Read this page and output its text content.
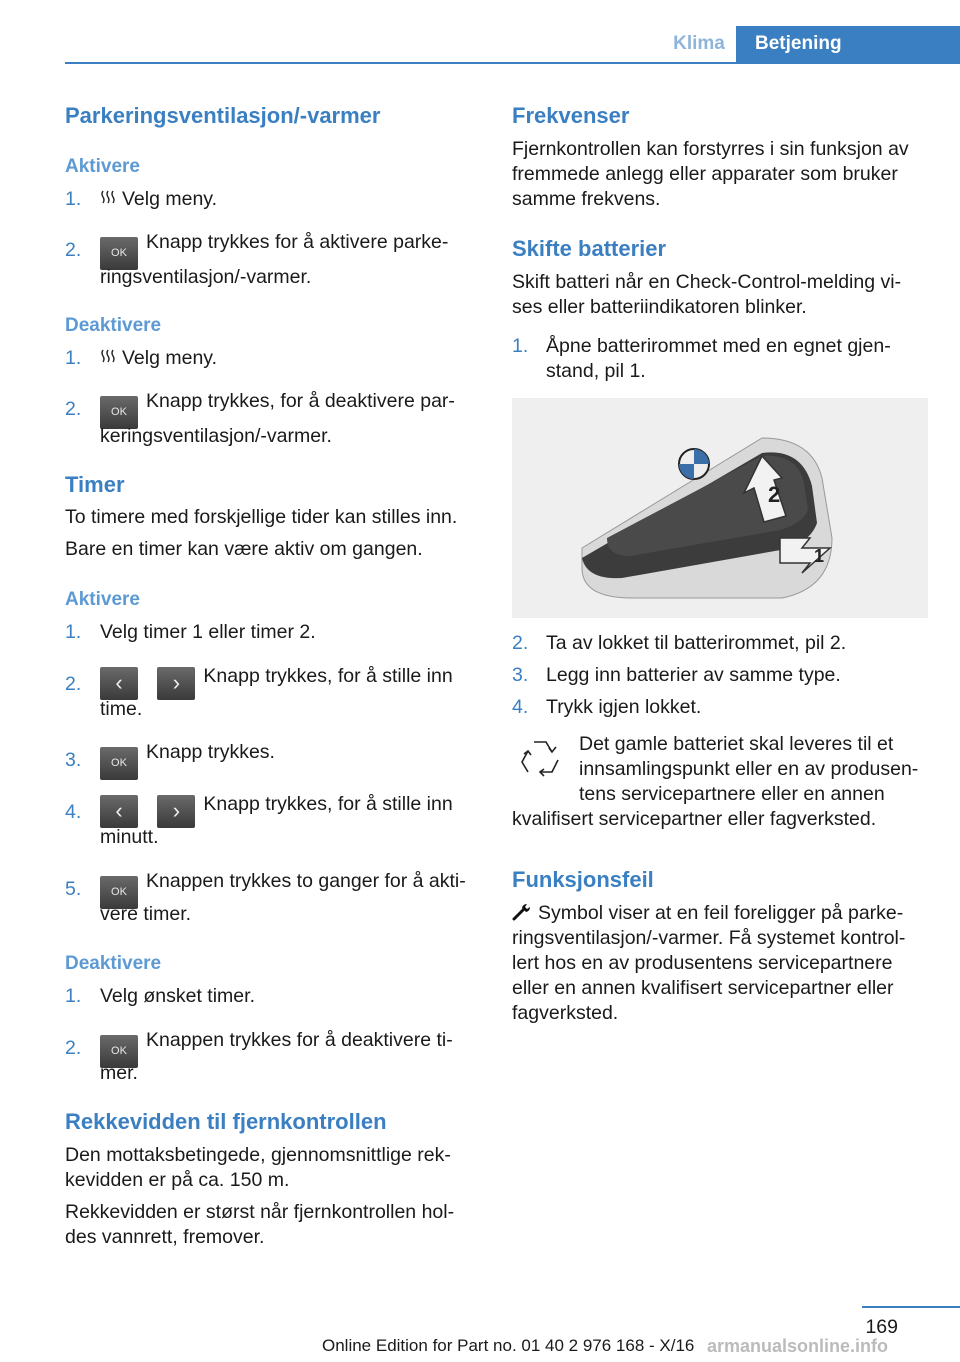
Klima	Betjening
Parkeringsventilasjon/-varmer
Aktivere
1.	Velg meny.
2.	OK Knapp trykkes for å aktivere parke-
ringsventilasjon/-varmer.
Deaktivere
1.	Velg meny.
2.	OK Knapp trykkes, for å deaktivere par-
keringsventilasjon/-varmer.
Timer
To timere med forskjellige tider kan stilles inn.
Bare en timer kan være aktiv om gangen.
Aktivere
1. Velg timer 1 eller timer 2.
2.	‹ › Knapp trykkes, for å stille inn
time.
3.	OK Knapp trykkes.
4.	‹ › Knapp trykkes, for å stille inn
minutt.
5.	OK Knappen trykkes to ganger for å akti-
vere timer.
Deaktivere
1. Velg ønsket timer.
2.	OK Knappen trykkes for å deaktivere ti-
mer.
Rekkevidden til fjernkontrollen
Den mottaksbetingede, gjennomsnittlige rek-
kevidden er på ca. 150 m.
Rekkevidden er størst når fjernkontrollen hol-
des vannrett, fremover.
Frekvenser
Fjernkontrollen kan forstyrres i sin funksjon av
fremmede anlegg eller apparater som bruker
samme frekvens.
Skifte batterier
Skift batteri når en Check-Control-melding vi-
ses eller batteriindikatoren blinker.
1. Åpne batterirommet med en egnet gjen-
stand, pil 1.
2
1
2. Ta av lokket til batterirommet, pil 2.
3. Legg inn batterier av samme type.
4. Trykk igjen lokket.
Det gamle batteriet skal leveres til et
innsamlingspunkt eller en av produsen-
tens servicepartnere eller en annen
kvalifisert servicepartner eller fagverksted.
Funksjonsfeil
Symbol viser at en feil foreligger på parke-
ringsventilasjon/-varmer. Få systemet kontrol-
lert hos en av produsentens servicepartnere
eller en annen kvalifisert servicepartner eller
fagverksted.
169
Online Edition for Part no. 01 40 2 976 168 - X/16 armanualsonline.info
